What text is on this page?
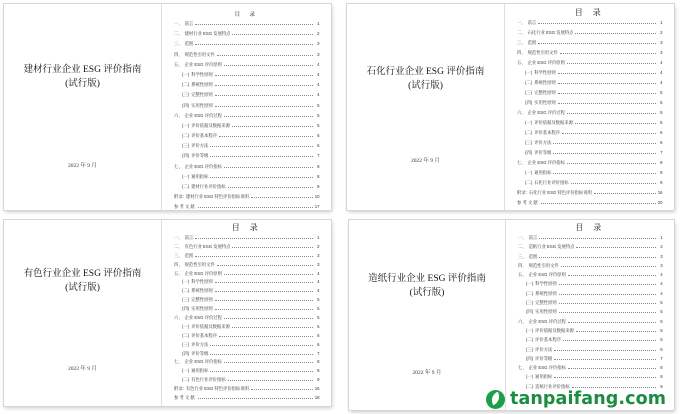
建材行业企业 ESG 评价指南
(试行版)
2022 年 9 月
目 录
一、 前言	1
二、 建材行业 ESG 发展特点	2
三、 范围	3
四、 规范性引用文件	3
五、 企业 ESG 评价原则	4
(一) 科学性原则	4
(二) 系统性原则	4
(三) 完整性原则	4
(四) 实用性原则	5
六、 企业 ESG 评价过程	5
(一) 评价依据及数据来源	5
(二) 评价基本程序	6
(三) 评价方法	6
(四) 评价等级	7
七、 企业 ESG 评价指标	8
(一) 通用指标	8
(二) 建材行业评价指标	9
附录: 建材行业 ESG 特色评价指标说明	10
参 考 文 献	17
石化行业企业 ESG 评价指南
(试行版)
2022 年 9 月
目 录
一、 前言	1
二、 石化行业 ESG 发展特点	2
三、 范围	3
四、 规范性引用文件	3
五、 企业 ESG 评价原则	4
(一) 科学性原则	4
(二) 系统性原则	4
(三) 完整性原则	5
(四) 实用性原则	5
六、 企业 ESG 评价过程	5
(一) 评价依据及数据来源	5
(二) 评价基本程序	6
(三) 评价方法	6
(四) 评价等级	7
七、 企业 ESG 评价指标	8
(一) 通用指标	8
(二) 石化行业评价指标	9
附录: 石化行业 ESG 特色评价指标说明	16
参 考 文 献	20
有色行业企业 ESG 评价指南
(试行版)
2022 年 9 月
目 录
一、 前言	1
二、 有色行业 ESG 发展特点	2
三、 范围	3
四、 规范性引用文件	3
五、 企业 ESG 评价原则	4
(一) 科学性原则	4
(二) 系统性原则	4
(三) 完整性原则	5
(四) 实用性原则	5
六、 企业 ESG 评价过程	5
(一) 评价依据及数据来源	5
(二) 评价基本程序	6
(三) 评价方法	6
(四) 评价等级	7
七、 企业 ESG 评价指标	8
(一) 通用指标	8
(二) 有色行业评价指标	9
附录: 有色行业 ESG 特色评价指标说明	15
参 考 文 献	18
造纸行业企业 ESG 评价指南
(试行版)
2022 年 9 月
目 录
一、 前言	1
二、 造纸行业 ESG 发展特点	2
三、 范围	3
四、 规范性引用文件	3
五、 企业 ESG 评价原则	4
(一) 科学性原则	4
(二) 系统性原则	4
(三) 完整性原则	5
(四) 实用性原则	5
六、 企业 ESG 评价过程	5
(一) 评价依据及数据来源	5
(二) 评价基本程序	6
(三) 评价方法	6
(四) 评价等级	7
七、 企业 ESG 评价指标	8
(一) 通用指标	8
(二) 造纸行业评价指标	9
tanpaifang.com
